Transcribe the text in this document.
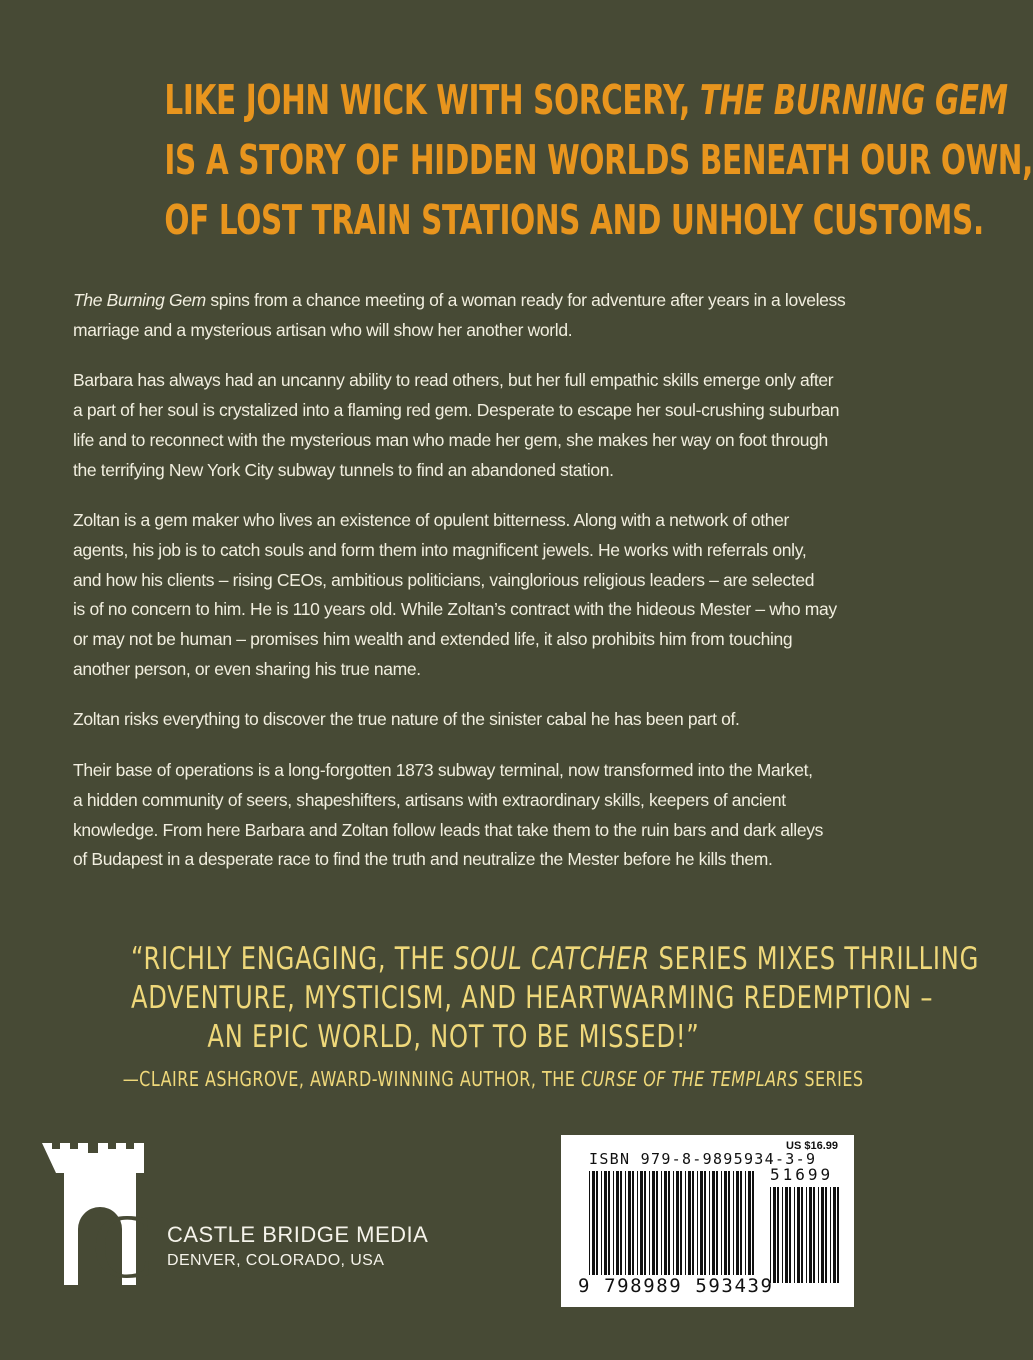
LIKE JOHN WICK WITH SORCERY, THE BURNING GEM
IS A STORY OF HIDDEN WORLDS BENEATH OUR OWN,
OF LOST TRAIN STATIONS AND UNHOLY CUSTOMS.

The Burning Gem spins from a chance meeting of a woman ready for adventure after years in a loveless
marriage and a mysterious artisan who will show her another world.

Barbara has always had an uncanny ability to read others, but her full empathic skills emerge only after
a part of her soul is crystalized into a flaming red gem. Desperate to escape her soul-crushing suburban
life and to reconnect with the mysterious man who made her gem, she makes her way on foot through
the terrifying New York City subway tunnels to find an abandoned station.

Zoltan is a gem maker who lives an existence of opulent bitterness. Along with a network of other
agents, his job is to catch souls and form them into magnificent jewels. He works with referrals only,
and how his clients – rising CEOs, ambitious politicians, vainglorious religious leaders – are selected
is of no concern to him. He is 110 years old. While Zoltan’s contract with the hideous Mester – who may
or may not be human – promises him wealth and extended life, it also prohibits him from touching
another person, or even sharing his true name.

Zoltan risks everything to discover the true nature of the sinister cabal he has been part of.

Their base of operations is a long-forgotten 1873 subway terminal, now transformed into the Market,
a hidden community of seers, shapeshifters, artisans with extraordinary skills, keepers of ancient
knowledge. From here Barbara and Zoltan follow leads that take them to the ruin bars and dark alleys
of Budapest in a desperate race to find the truth and neutralize the Mester before he kills them.

“RICHLY ENGAGING, THE SOUL CATCHER SERIES MIXES THRILLING
ADVENTURE, MYSTICISM, AND HEARTWARMING REDEMPTION –
AN EPIC WORLD, NOT TO BE MISSED!”
—CLAIRE ASHGROVE, AWARD-WINNING AUTHOR, THE CURSE OF THE TEMPLARS SERIES
C CASTLE BRIDGE MEDIA
DENVER, COLORADO, USA
US $16.99
ISBN 979-8-9895934-3-9
51699
9 798989 593439
